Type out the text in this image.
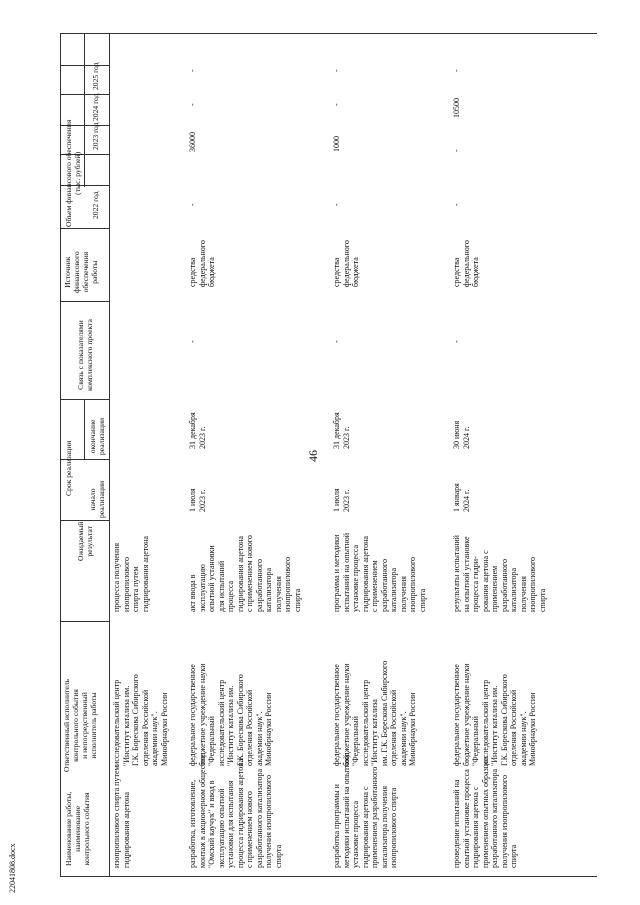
46
22041808.docx
Наименование работы,
наименование
контрольного события
Ответственный исполнитель
контрольного события
и непосредственный
исполнитель работы
Ожидаемый
результат
Срок реализации
начало
реализации
окончание
реализации
Связь с показателями
комплексного проекта
Источник
финансового
обеспечения
работы
Объем финансового обеспечения
(тыс. рублей)
2022 год
2023 год
2024 год
2025 год
изопропилового спирта путем
гидрирования ацетона
исследовательский центр
"Институт катализа им.
Г.К. Борескова Сибирского
отделения Российской
академии наук".
Минобрнауки России
процесса получения
изопропилового
спирта путем
гидрирования ацетона
разработка, изготовление,
монтаж в акционерном обществе
"Омский каучук" и ввод в
эксплуатацию опытной
установки для испытания
процесса гидрирования ацетона
с применением нового
разработанного катализатора
получения изопропилового
спирта
федеральное государственное
бюджетное учреждение науки
"Федеральный
исследовательский центр
"Институт катализа им.
Г.К. Борескова Сибирского
отделения Российской
академии наук".
Минобрнауки России
акт ввода в
эксплуатацию
опытной установки
для испытаний
процесса
гидрирования ацетона
с применением нового
разработанного
катализатора
получения
изопропилового
спирта
1 июля
2023 г.
31 декабря
2023 г.
-
средства
федерального
бюджета
-
36000
-
-
разработка программы и
методики испытаний на опытной
установке процесса
гидрирования ацетона с
применением разработанного
катализатора получения
изопропилового спирта
федеральное государственное
бюджетное учреждение науки
"Федеральный
исследовательский центр
"Институт катализа
им. Г.К. Борескова Сибирского
отделения Российской
академии наук".
Минобрнауки России
программа и методики
испытаний на опытной
установке процесса
гидрирования ацетона
с применением
разработанного
катализатора
получения
изопропилового
спирта
1 июля
2023 г.
31 декабря
2023 г.
-
средства
федерального
бюджета
-
1000
-
-
проведение испытаний на
опытной установке процесса
гидрирования ацетона с
применением опытных образцов
разработанного катализатора
получения изопропилового
спирта
федеральное государственное
бюджетное учреждение науки
"Федеральный
исследовательский центр
"Институт катализа им.
Г.К. Борескова Сибирского
отделения Российской
академии наук".
Минобрнауки России
результаты испытаний
на опытной установке
процесса гидри-
рования ацетона с
применением
разработанного
катализатора
получения
изопропилового
спирта
1 января
2024 г.
30 июня
2024 г.
-
средства
федерального
бюджета
-
-
10500
-
